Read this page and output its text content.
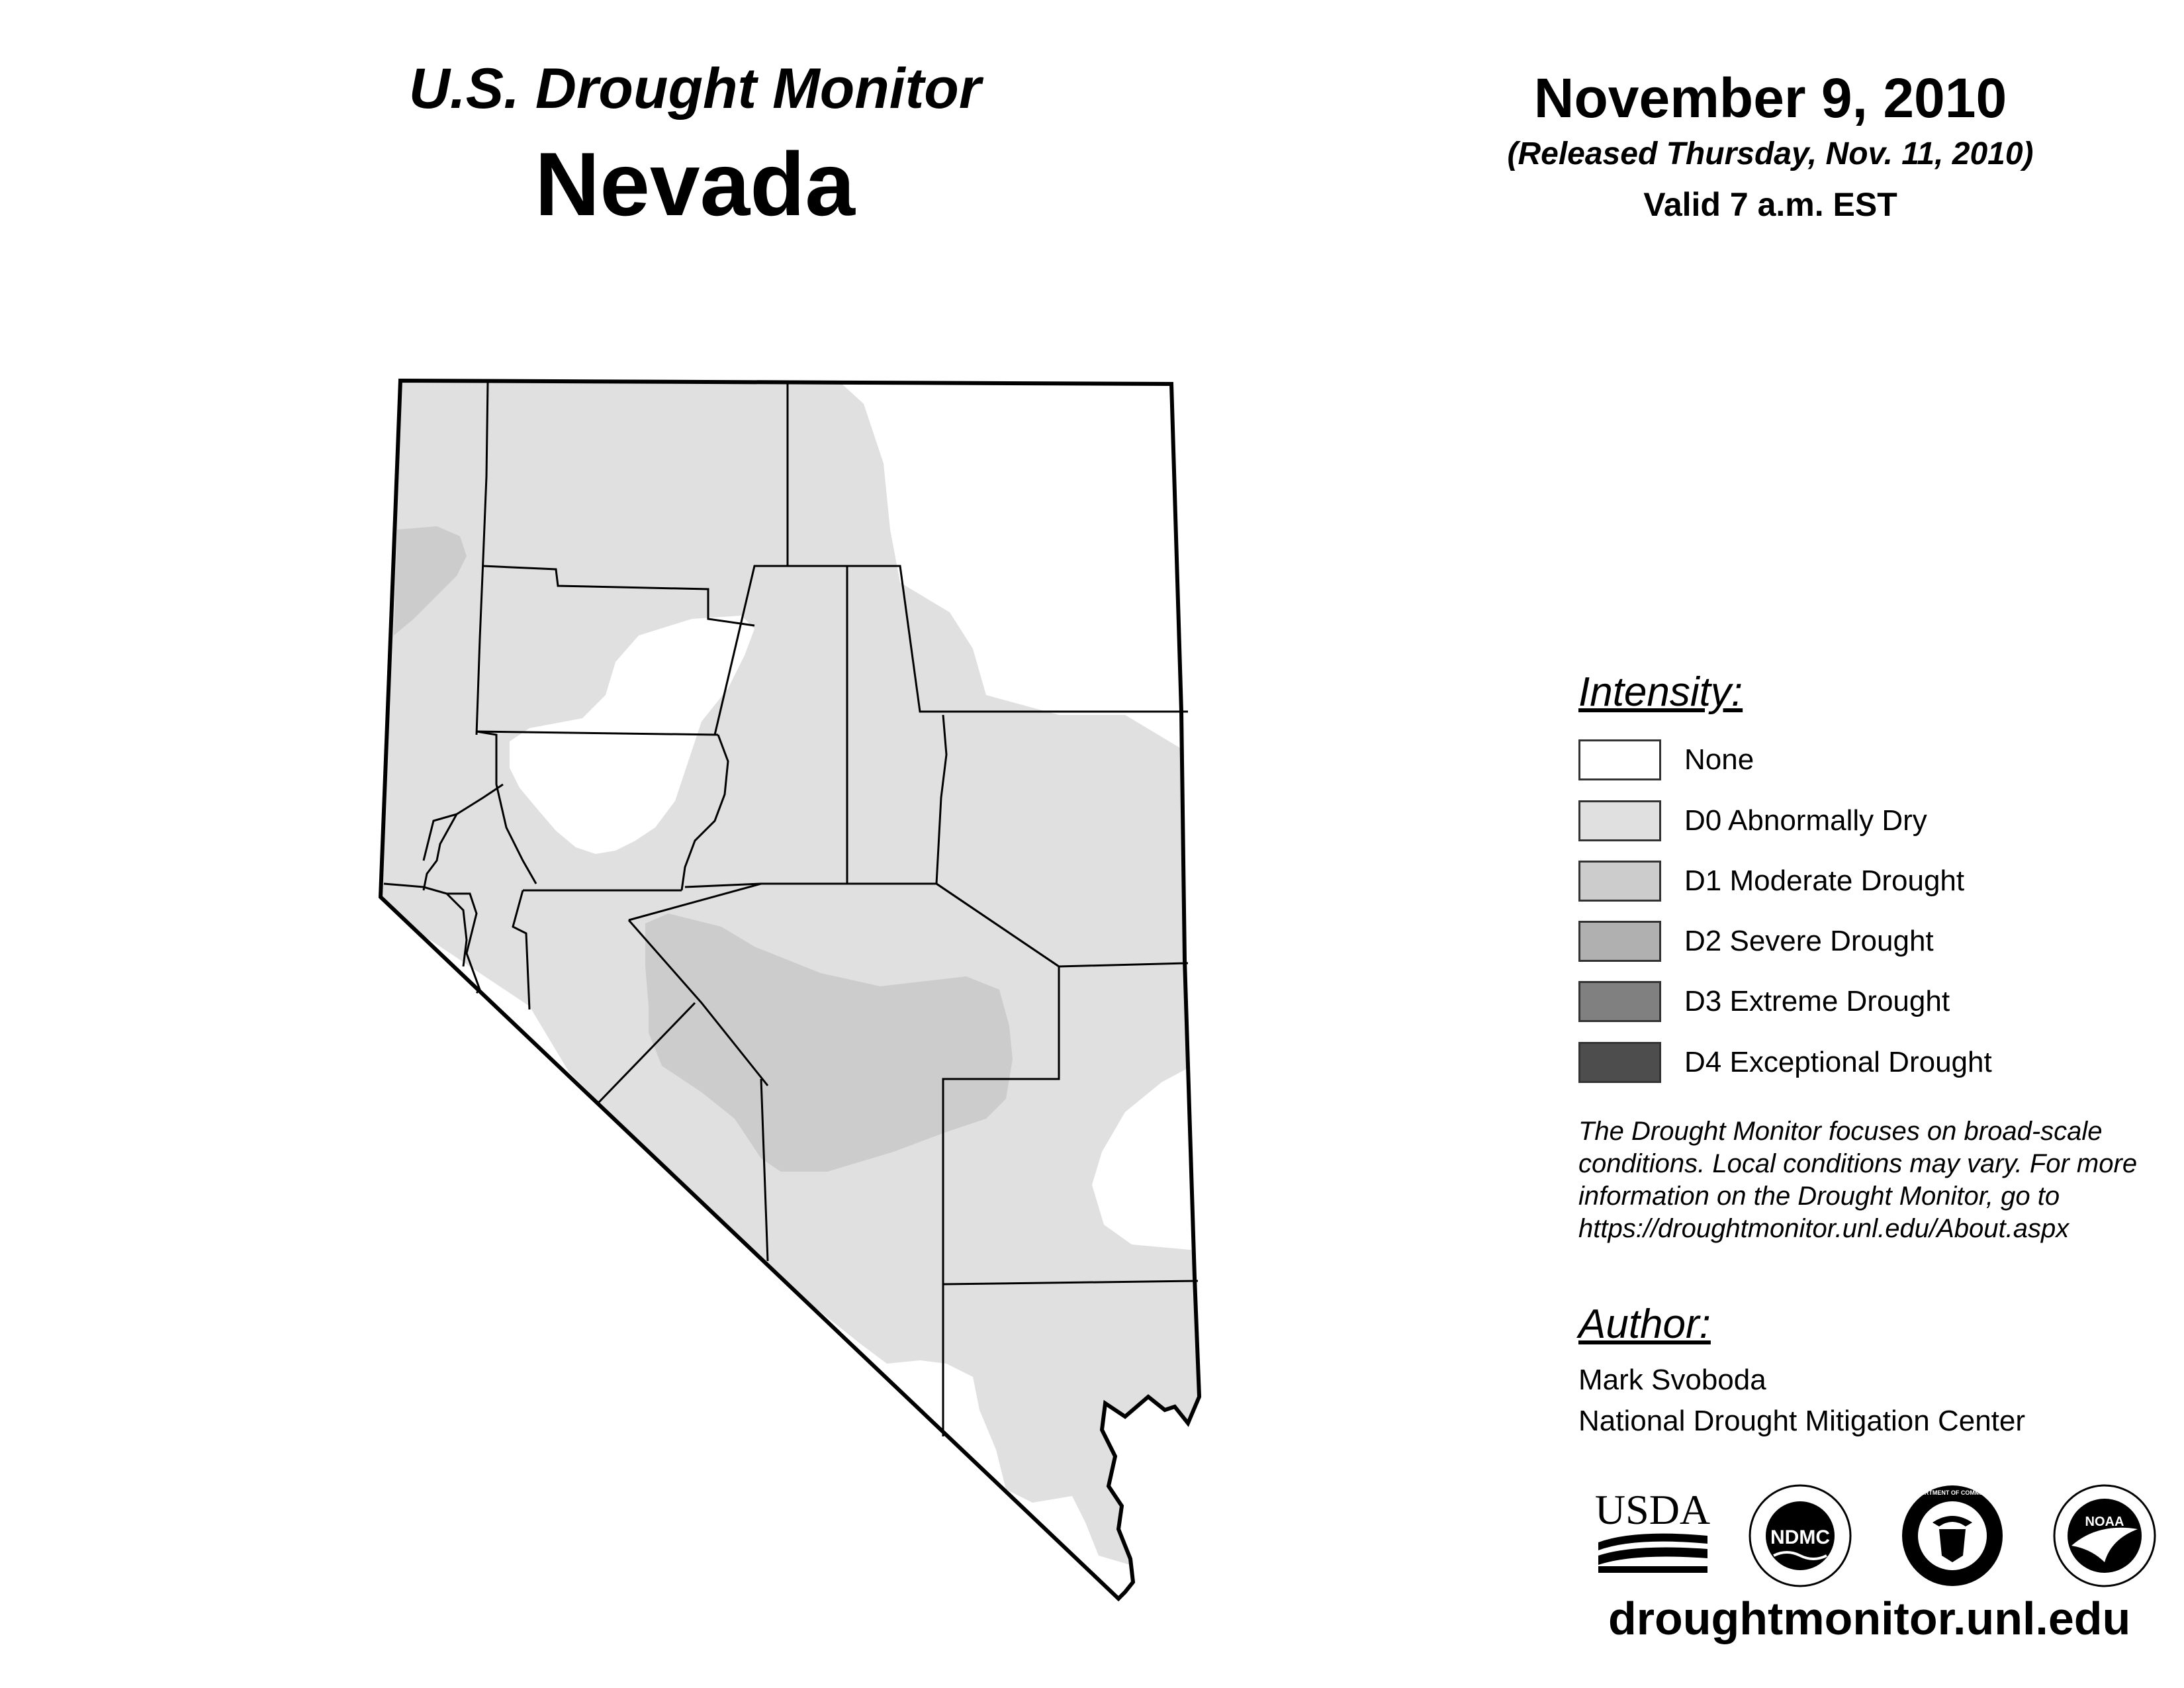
U.S. Drought Monitor
Nevada
November 9, 2010
(Released Thursday, Nov. 11, 2010)
Valid 7 a.m. EST
Intensity:
None
D0 Abnormally Dry
D1 Moderate Drought
D2 Severe Drought
D3 Extreme Drought
D4 Exceptional Drought
The Drought Monitor focuses on broad-scale conditions. Local conditions may vary. For more information on the Drought Monitor, go to https://droughtmonitor.unl.edu/About.aspx
Author:
Mark Svoboda
National Drought Mitigation Center
USDA
NDMC
DEPARTMENT OF COMMERCE
NOAA
droughtmonitor.unl.edu
